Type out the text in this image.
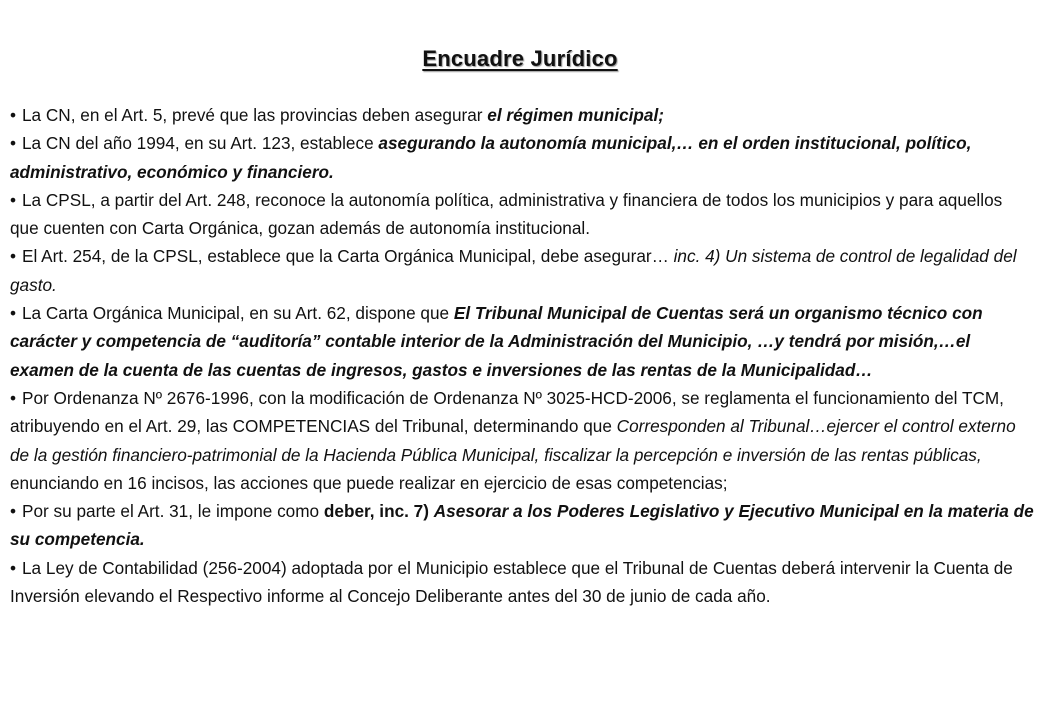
Encuadre Jurídico

• La CN, en el Art. 5, prevé que las provincias deben asegurar el régimen municipal;

• La CN del año 1994, en su Art. 123, establece asegurando la autonomía municipal,… en el orden institucional, político, administrativo, económico y financiero.

• La CPSL, a partir del Art. 248, reconoce la autonomía política, administrativa y financiera de todos los municipios y para aquellos que cuenten con Carta Orgánica, gozan además de autonomía institucional.

• El Art. 254, de la CPSL, establece que la Carta Orgánica Municipal, debe asegurar… inc. 4) Un sistema de control de legalidad del gasto.

• La Carta Orgánica Municipal, en su Art. 62, dispone que El Tribunal Municipal de Cuentas será un organismo técnico con carácter y competencia de “auditoría” contable interior de la Administración del Municipio, …y tendrá por misión,…el examen de la cuenta de las cuentas de ingresos, gastos e inversiones de las rentas de la Municipalidad…

• Por Ordenanza Nº 2676-1996, con la modificación de Ordenanza Nº 3025-HCD-2006, se reglamenta el funcionamiento del TCM, atribuyendo en el Art. 29, las COMPETENCIAS del Tribunal, determinando que Corresponden al Tribunal…ejercer el control externo de la gestión financiero-patrimonial de la Hacienda Pública Municipal, fiscalizar la percepción e inversión de las rentas públicas, enunciando en 16 incisos, las acciones que puede realizar en ejercicio de esas competencias;

• Por su parte el Art. 31, le impone como deber, inc. 7) Asesorar a los Poderes Legislativo y Ejecutivo Municipal en la materia de su competencia.

• La Ley de Contabilidad (256-2004) adoptada por el Municipio establece que el Tribunal de Cuentas deberá intervenir la Cuenta de Inversión elevando el Respectivo informe al Concejo Deliberante antes del 30 de junio de cada año.
